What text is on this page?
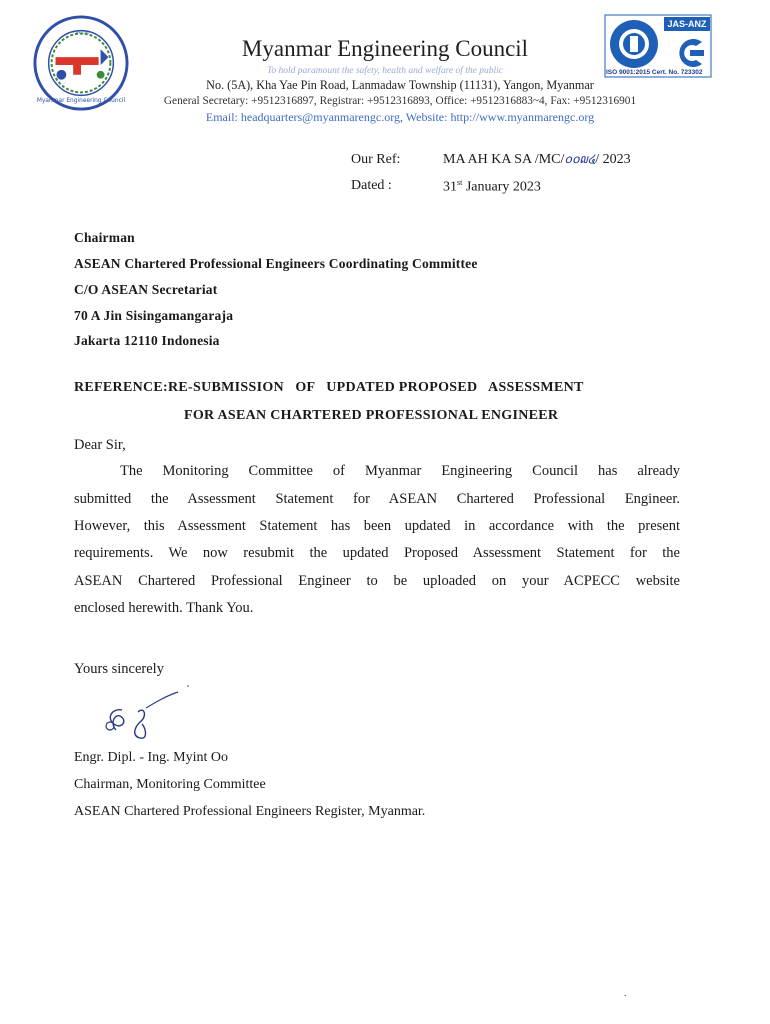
ꩠꩡꩢ
Myanmar Engineering Council
JAS-ANZ
ISO 9001:2015 Cert. No. 723302
Myanmar Engineering Council
To hold paramount the safety, health and welfare of the public
No. (5A), Kha Yae Pin Road, Lanmadaw Township (11131), Yangon, Myanmar
General Secretary: +9512316897, Registrar: +9512316893, Office: +9512316883~4, Fax: +9512316901
Email: headquarters@myanmarengc.org, Website: http://www.myanmarengc.org
Our Ref:	MA AH KA SA /MC/໐໐໙໔/ 2023
Dated :	31st January 2023
Chairman
ASEAN Chartered Professional Engineers Coordinating Committee
C/O ASEAN Secretariat
70 A Jin Sisingamangaraja
Jakarta 12110 Indonesia
REFERENCE:RE-SUBMISSION   OF   UPDATED PROPOSED   ASSESSMENT
FOR ASEAN CHARTERED PROFESSIONAL ENGINEER
Dear Sir,
The Monitoring Committee of Myanmar Engineering Council has already
submitted the Assessment Statement for ASEAN Chartered Professional Engineer.
However, this Assessment Statement has been updated in accordance with the present
requirements. We now resubmit the updated Proposed Assessment Statement for the
ASEAN Chartered Professional Engineer to be uploaded on your ACPECC website
enclosed herewith. Thank You.
Yours sincerely
Engr. Dipl. - Ing. Myint Oo
Chairman, Monitoring Committee
ASEAN Chartered Professional Engineers Register, Myanmar.
.
